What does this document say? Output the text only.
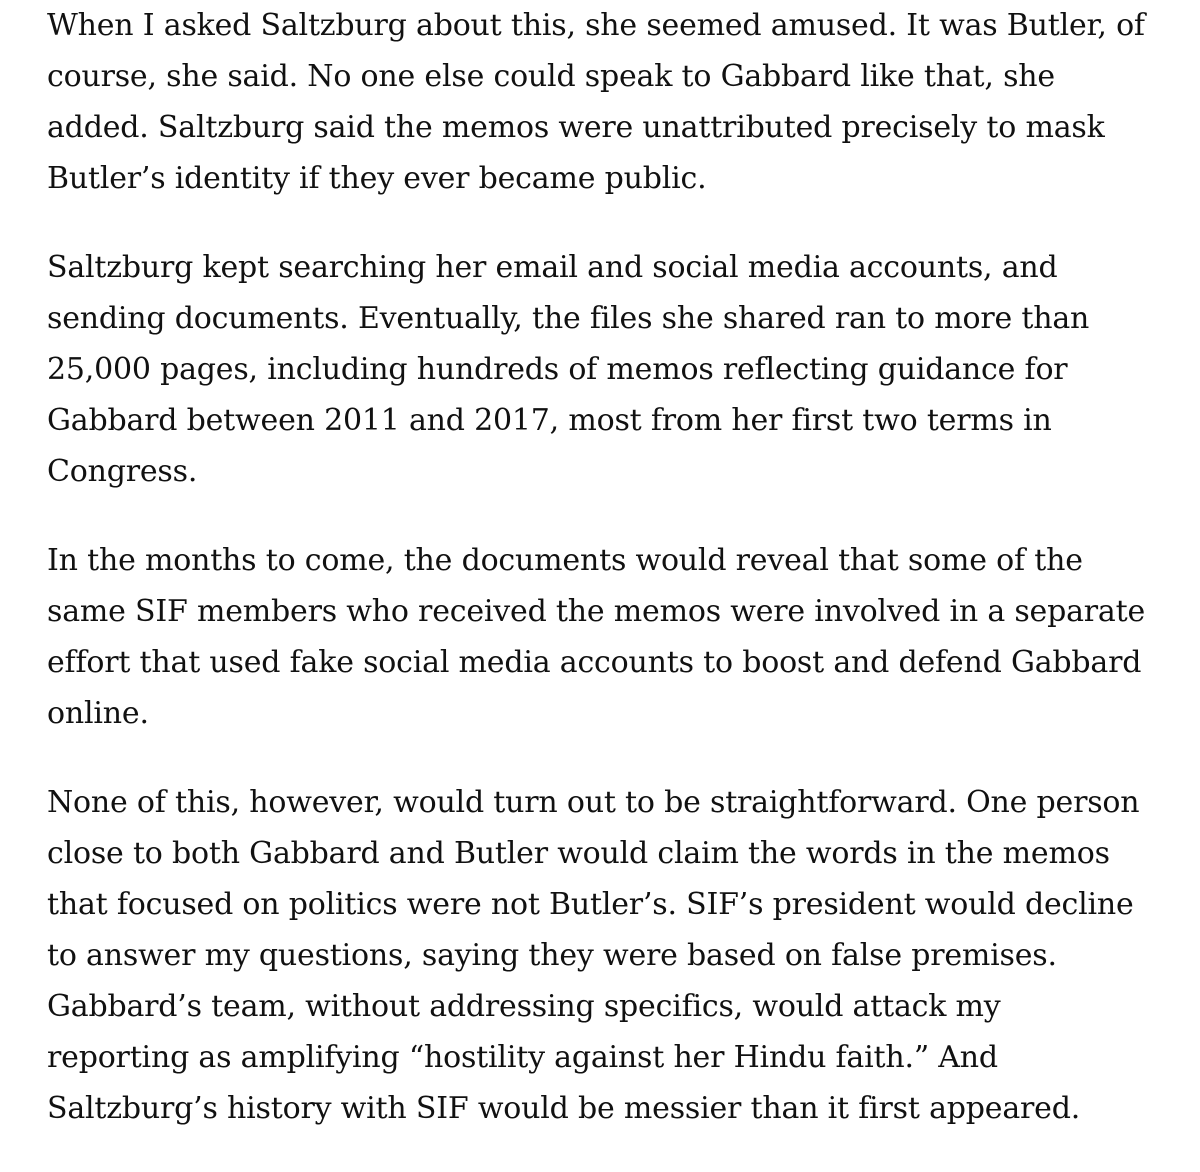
When I asked Saltzburg about this, she seemed amused. It was Butler, of
course, she said. No one else could speak to Gabbard like that, she
added. Saltzburg said the memos were unattributed precisely to mask
Butler’s identity if they ever became public.

Saltzburg kept searching her email and social media accounts, and
sending documents. Eventually, the files she shared ran to more than
25,000 pages, including hundreds of memos reflecting guidance for
Gabbard between 2011 and 2017, most from her first two terms in
Congress.

In the months to come, the documents would reveal that some of the
same SIF members who received the memos were involved in a separate
effort that used fake social media accounts to boost and defend Gabbard
online.

None of this, however, would turn out to be straightforward. One person
close to both Gabbard and Butler would claim the words in the memos
that focused on politics were not Butler’s. SIF’s president would decline
to answer my questions, saying they were based on false premises.
Gabbard’s team, without addressing specifics, would attack my
reporting as amplifying “hostility against her Hindu faith.” And
Saltzburg’s history with SIF would be messier than it first appeared.
